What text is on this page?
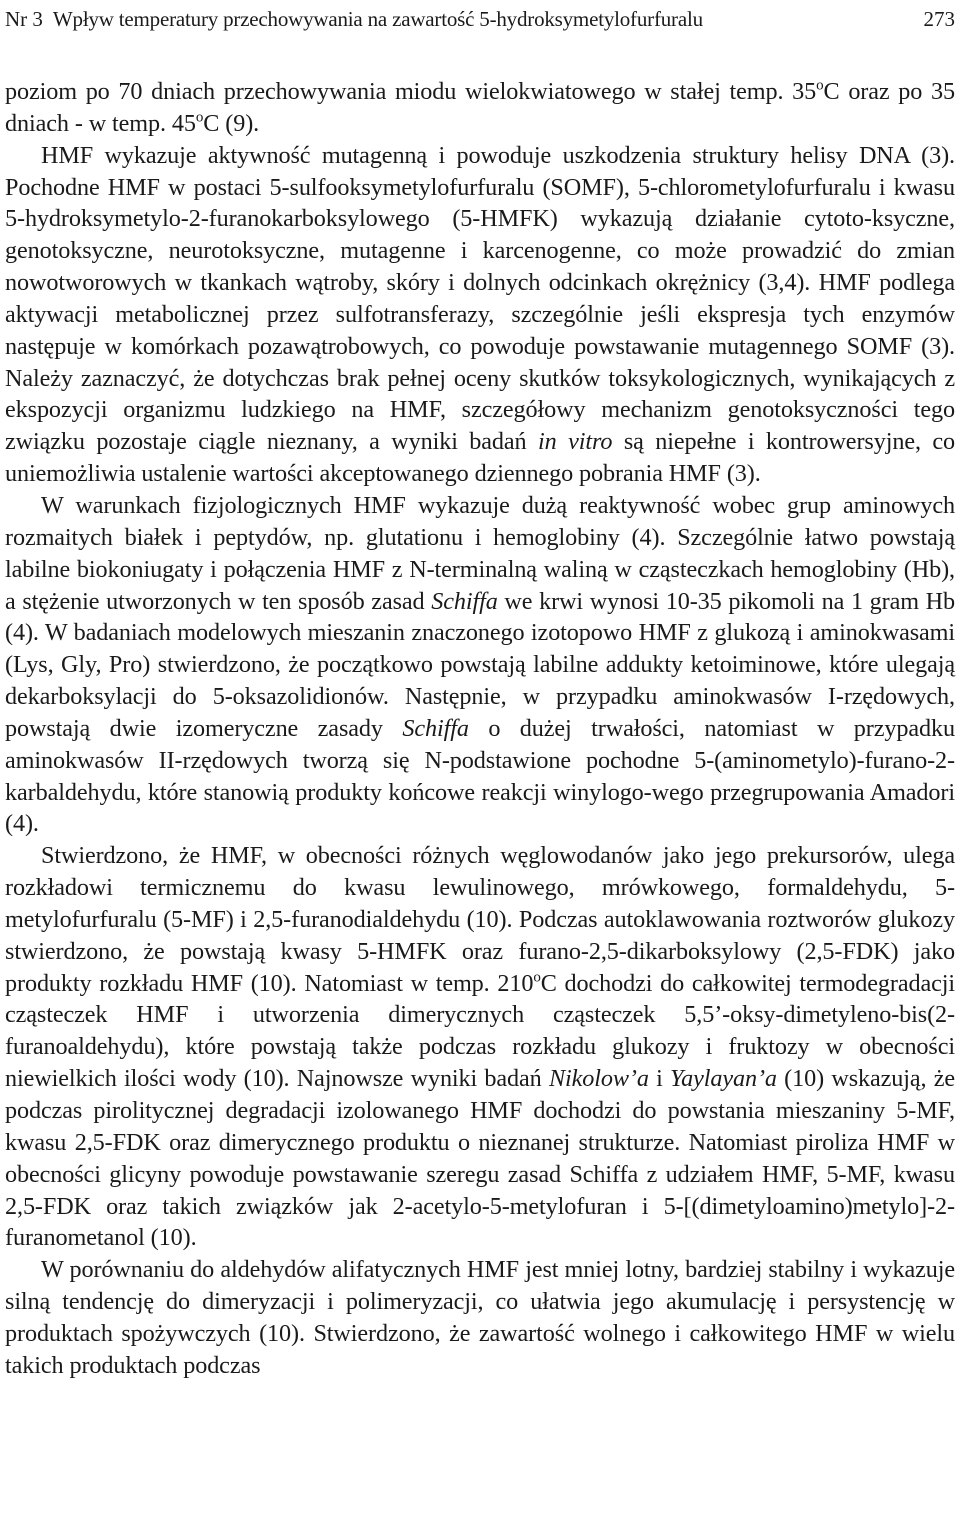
Nr 3 Wpływ temperatury przechowywania na zawartość 5-hydroksymetylofurfuralu	273

poziom po 70 dniach przechowywania miodu wielokwiatowego w stałej temp. 35$^o$C oraz po 35 dniach - w temp. 45$^o$C (9).

HMF wykazuje aktywność mutagenną i powoduje uszkodzenia struktury helisy DNA (3). Pochodne HMF w postaci 5-sulfooksymetylofurfuralu (SOMF), 5-chlorometylofurfuralu i kwasu 5-hydroksymetylo-2-furanokarboksylowego (5-HMFK) wykazują działanie cytoto-ksyczne, genotoksyczne, neurotoksyczne, mutagenne i karcenogenne, co może prowadzić do zmian nowotworowych w tkankach wątroby, skóry i dolnych odcinkach okrężnicy (3,4). HMF podlega aktywacji metabolicznej przez sulfotransferazy, szczególnie jeśli ekspresja tych enzymów następuje w komórkach pozawątrobowych, co powoduje powstawanie mutagennego SOMF (3). Należy zaznaczyć, że dotychczas brak pełnej oceny skutków toksykologicznych, wynikających z ekspozycji organizmu ludzkiego na HMF, szczegółowy mechanizm genotoksyczności tego związku pozostaje ciągle nieznany, a wyniki badań in vitro są niepełne i kontrowersyjne, co uniemożliwia ustalenie wartości akceptowanego dziennego pobrania HMF (3).

W warunkach fizjologicznych HMF wykazuje dużą reaktywność wobec grup aminowych rozmaitych białek i peptydów, np. glutationu i hemoglobiny (4). Szczególnie łatwo powstają labilne biokoniugaty i połączenia HMF z N-terminalną waliną w cząsteczkach hemoglobiny (Hb), a stężenie utworzonych w ten sposób zasad Schiffa we krwi wynosi 10-35 pikomoli na 1 gram Hb (4). W badaniach modelowych mieszanin znaczonego izotopowo HMF z glukozą i aminokwasami (Lys, Gly, Pro) stwierdzono, że początkowo powstają labilne addukty ketoiminowe, które ulegają dekarboksylacji do 5-oksazolidionów. Następnie, w przypadku aminokwasów I-rzędowych, powstają dwie izomeryczne zasady Schiffa o dużej trwałości, natomiast w przypadku aminokwasów II-rzędowych tworzą się N-podstawione pochodne 5-(aminometylo)-furano-2-karbaldehydu, które stanowią produkty końcowe reakcji winylogo-wego przegrupowania Amadori (4).

Stwierdzono, że HMF, w obecności różnych węglowodanów jako jego prekursorów, ulega rozkładowi termicznemu do kwasu lewulinowego, mrówkowego, formaldehydu, 5-metylofurfuralu (5-MF) i 2,5-furanodialdehydu (10). Podczas autoklawowania roztworów glukozy stwierdzono, że powstają kwasy 5-HMFK oraz furano-2,5-dikarboksylowy (2,5-FDK) jako produkty rozkładu HMF (10). Natomiast w temp. 210$^o$C dochodzi do całkowitej termodegradacji cząsteczek HMF i utworzenia dimerycznych cząsteczek 5,5’-oksy-dimetyleno-bis(2-furanoaldehydu), które powstają także podczas rozkładu glukozy i fruktozy w obecności niewielkich ilości wody (10). Najnowsze wyniki badań Nikolow’a i Yaylayan’a (10) wskazują, że podczas pirolitycznej degradacji izolowanego HMF dochodzi do powstania mieszaniny 5-MF, kwasu 2,5-FDK oraz dimerycznego produktu o nieznanej strukturze. Natomiast piroliza HMF w obecności glicyny powoduje powstawanie szeregu zasad Schiffa z udziałem HMF, 5-MF, kwasu 2,5-FDK oraz takich związków jak 2-acetylo-5-metylofuran i 5-[(dimetyloamino)metylo]-2-furanometanol (10).

W porównaniu do aldehydów alifatycznych HMF jest mniej lotny, bardziej stabilny i wykazuje silną tendencję do dimeryzacji i polimeryzacji, co ułatwia jego akumulację i persystencję w produktach spożywczych (10). Stwierdzono, że zawartość wolnego i całkowitego HMF w wielu takich produktach podczas
